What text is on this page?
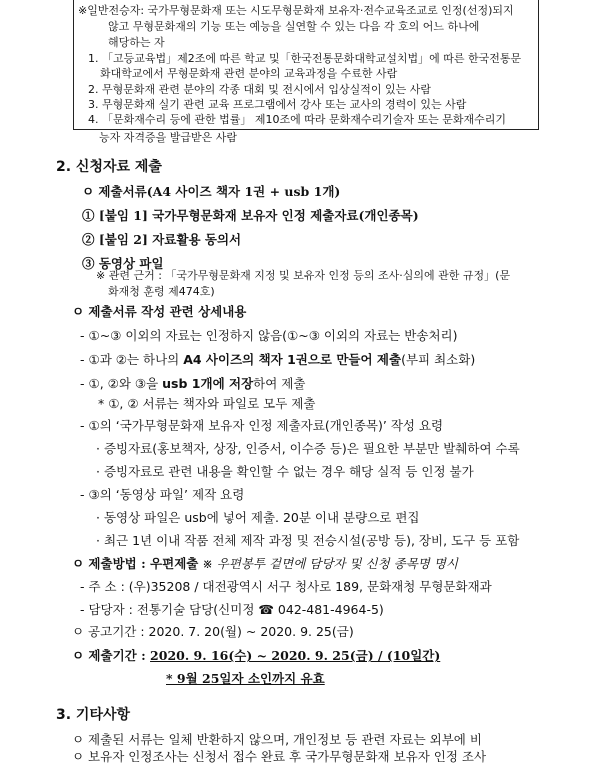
※일반전승자: 국가무형문화재 또는 시도무형문화재 보유자·전수교육조교로 인정(선정)되지
않고 무형문화재의 기능 또는 예능을 실연할 수 있는 다음 각 호의 어느 하나에
해당하는 자
1. 「고등교육법」제2조에 따른 학교 및「한국전통문화대학교설치법」에 따른 한국전통문
화대학교에서 무형문화재 관련 분야의 교육과정을 수료한 사람
2. 무형문화재 관련 분야의 각종 대회 및 전시에서 입상실적이 있는 사람
3. 무형문화재 실기 관련 교육 프로그램에서 강사 또는 교사의 경력이 있는 사람
4. 「문화재수리 등에 관한 법률」 제10조에 따라 문화재수리기술자 또는 문화재수리기
능자 자격증을 발급받은 사람
2. 신청자료 제출
ㅇ 제출서류(A4 사이즈 책자 1권 + usb 1개)
① [붙임 1] 국가무형문화재 보유자 인정 제출자료(개인종목)
② [붙임 2] 자료활용 동의서
③ 동영상 파일
※ 관련 근거 : 「국가무형문화재 지정 및 보유자 인정 등의 조사·심의에 관한 규정」(문
화재청 훈령 제474호)
ㅇ 제출서류 작성 관련 상세내용
- ①~③ 이외의 자료는 인정하지 않음(①~③ 이외의 자료는 반송처리)
- ①과 ②는 하나의 A4 사이즈의 책자 1권으로 만들어 제출(부피 최소화)
- ①, ②와 ③을 usb 1개에 저장하여 제출
* ①, ② 서류는 책자와 파일로 모두 제출
- ①의 ‘국가무형문화재 보유자 인정 제출자료(개인종목)’ 작성 요령
· 증빙자료(홍보책자, 상장, 인증서, 이수증 등)은 필요한 부분만 발췌하여 수록
· 증빙자료로 관련 내용을 확인할 수 없는 경우 해당 실적 등 인정 불가
- ③의 ‘동영상 파일’ 제작 요령
· 동영상 파일은 usb에 넣어 제출. 20분 이내 분량으로 편집
· 최근 1년 이내 작품 전체 제작 과정 및 전승시설(공방 등), 장비, 도구 등 포함
ㅇ 제출방법 : 우편제출 ※ 우편봉투 겉면에 담당자 및 신청 종목명 명시
- 주 소 : (우)35208 / 대전광역시 서구 청사로 189, 문화재청 무형문화재과
- 담당자 : 전통기술 담당(신미정 ☎ 042-481-4964-5)
ㅇ 공고기간 : 2020. 7. 20(월) ~ 2020. 9. 25(금)
ㅇ 제출기간 : 2020. 9. 16(수) ~ 2020. 9. 25(금) / (10일간)
* 9월 25일자 소인까지 유효
3. 기타사항
ㅇ 제출된 서류는 일체 반환하지 않으며, 개인정보 등 관련 자료는 외부에 비
ㅇ 보유자 인정조사는 신청서 접수 완료 후 국가무형문화재 보유자 인정 조사
